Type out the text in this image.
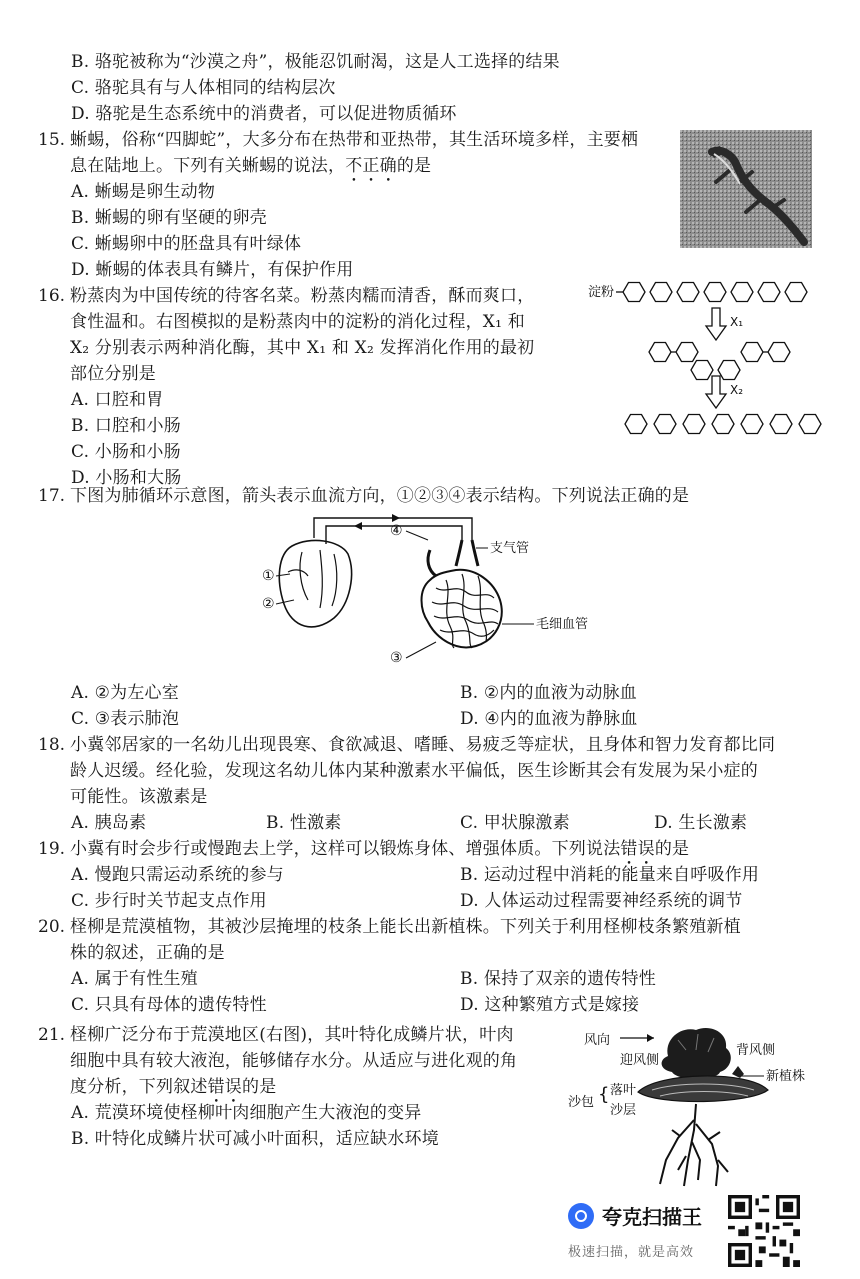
B. 骆驼被称为“沙漠之舟”，极能忍饥耐渴，这是人工选择的结果
C. 骆驼具有与人体相同的结构层次
D. 骆驼是生态系统中的消费者，可以促进物质循环
15. 蜥蜴，俗称“四脚蛇”，大多分布在热带和亚热带，其生活环境多样，主要栖
息在陆地上。下列有关蜥蜴的说法，不正确的是
A. 蜥蜴是卵生动物
B. 蜥蜴的卵有坚硬的卵壳
C. 蜥蜴卵中的胚盘具有叶绿体
D. 蜥蜴的体表具有鳞片，有保护作用
16. 粉蒸肉为中国传统的待客名菜。粉蒸肉糯而清香，酥而爽口，
食性温和。右图模拟的是粉蒸肉中的淀粉的消化过程，X₁ 和
X₂ 分别表示两种消化酶，其中 X₁ 和 X₂ 发挥消化作用的最初
部位分别是
A. 口腔和胃
B. 口腔和小肠
C. 小肠和小肠
D. 小肠和大肠
淀粉
X₁
X₂
17. 下图为肺循环示意图，箭头表示血流方向，①②③④表示结构。下列说法正确的是
①
②
④
支气管
③
毛细血管
A. ②为左心室	B. ②内的血液为动脉血
C. ③表示肺泡	D. ④内的血液为静脉血
18. 小冀邻居家的一名幼儿出现畏寒、食欲减退、嗜睡、易疲乏等症状，且身体和智力发育都比同
龄人迟缓。经化验，发现这名幼儿体内某种激素水平偏低，医生诊断其会有发展为呆小症的
可能性。该激素是
A. 胰岛素	B. 性激素	C. 甲状腺激素	D. 生长激素
19. 小冀有时会步行或慢跑去上学，这样可以锻炼身体、增强体质。下列说法错误的是
A. 慢跑只需运动系统的参与	B. 运动过程中消耗的能量来自呼吸作用
C. 步行时关节起支点作用	D. 人体运动过程需要神经系统的调节
20. 柽柳是荒漠植物，其被沙层掩埋的枝条上能长出新植株。下列关于利用柽柳枝条繁殖新植
株的叙述，正确的是
A. 属于有性生殖	B. 保持了双亲的遗传特性
C. 只具有母体的遗传特性	D. 这种繁殖方式是嫁接
21. 柽柳广泛分布于荒漠地区(右图)，其叶特化成鳞片状，叶肉
细胞中具有较大液泡，能够储存水分。从适应与进化观的角
度分析，下列叙述错误的是
A. 荒漠环境使柽柳叶肉细胞产生大液泡的变异
B. 叶特化成鳞片状可减小叶面积，适应缺水环境
风向
迎风侧
背风侧
新植株
沙包 { 落叶
沙层
夸克扫描王
极速扫描，就是高效
